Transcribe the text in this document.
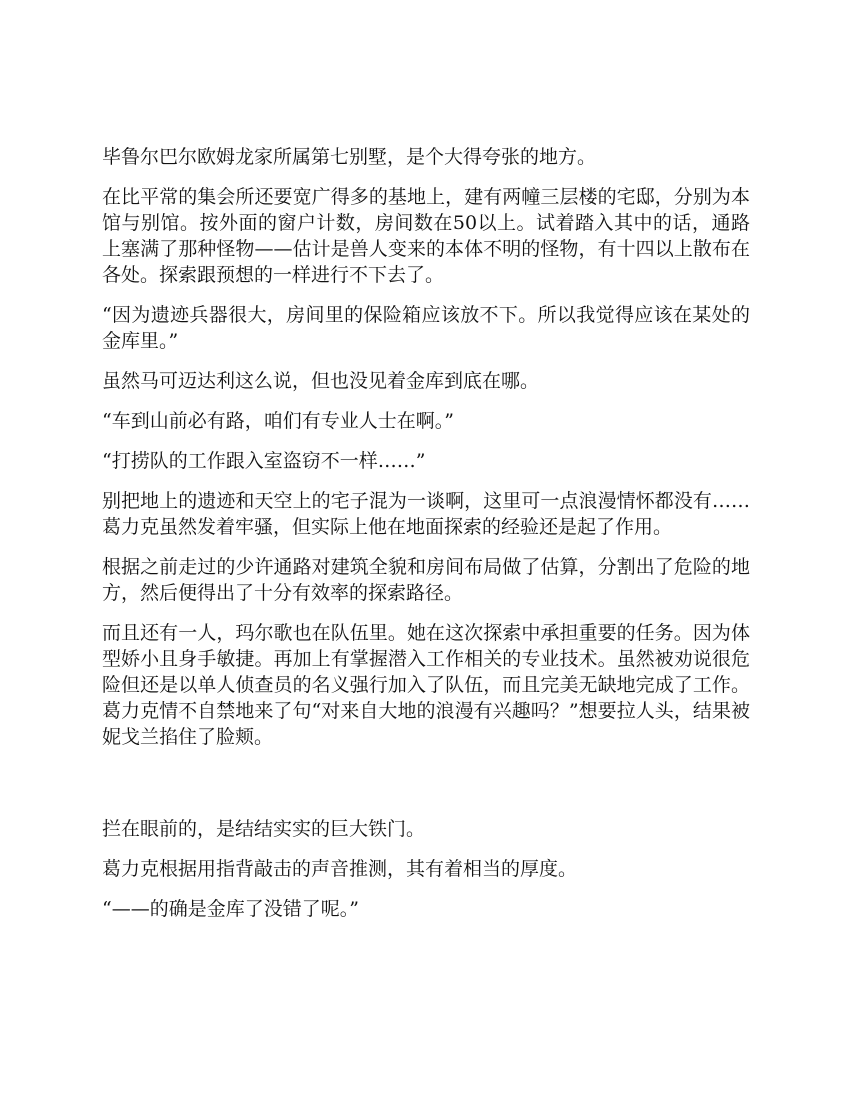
毕鲁尔巴尔欧姆龙家所属第七别墅，是个大得夸张的地方。

在比平常的集会所还要宽广得多的基地上，建有两幢三层楼的宅邸，分别为本馆与别馆。按外面的窗户计数，房间数在50以上。试着踏入其中的话，通路上塞满了那种怪物——估计是兽人变来的本体不明的怪物，有十四以上散布在各处。探索跟预想的一样进行不下去了。

“因为遗迹兵器很大，房间里的保险箱应该放不下。所以我觉得应该在某处的金库里。”

虽然马可迈达利这么说，但也没见着金库到底在哪。

“车到山前必有路，咱们有专业人士在啊。”

“打捞队的工作跟入室盗窃不一样……”

别把地上的遗迹和天空上的宅子混为一谈啊，这里可一点浪漫情怀都没有……葛力克虽然发着牢骚，但实际上他在地面探索的经验还是起了作用。

根据之前走过的少许通路对建筑全貌和房间布局做了估算，分割出了危险的地方，然后便得出了十分有效率的探索路径。

而且还有一人，玛尔歌也在队伍里。她在这次探索中承担重要的任务。因为体型娇小且身手敏捷。再加上有掌握潜入工作相关的专业技术。虽然被劝说很危险但还是以单人侦查员的名义强行加入了队伍，而且完美无缺地完成了工作。葛力克情不自禁地来了句“对来自大地的浪漫有兴趣吗？”想要拉人头，结果被妮戈兰掐住了脸颊。

拦在眼前的，是结结实实的巨大铁门。

葛力克根据用指背敲击的声音推测，其有着相当的厚度。

“——的确是金库了没错了呢。”
